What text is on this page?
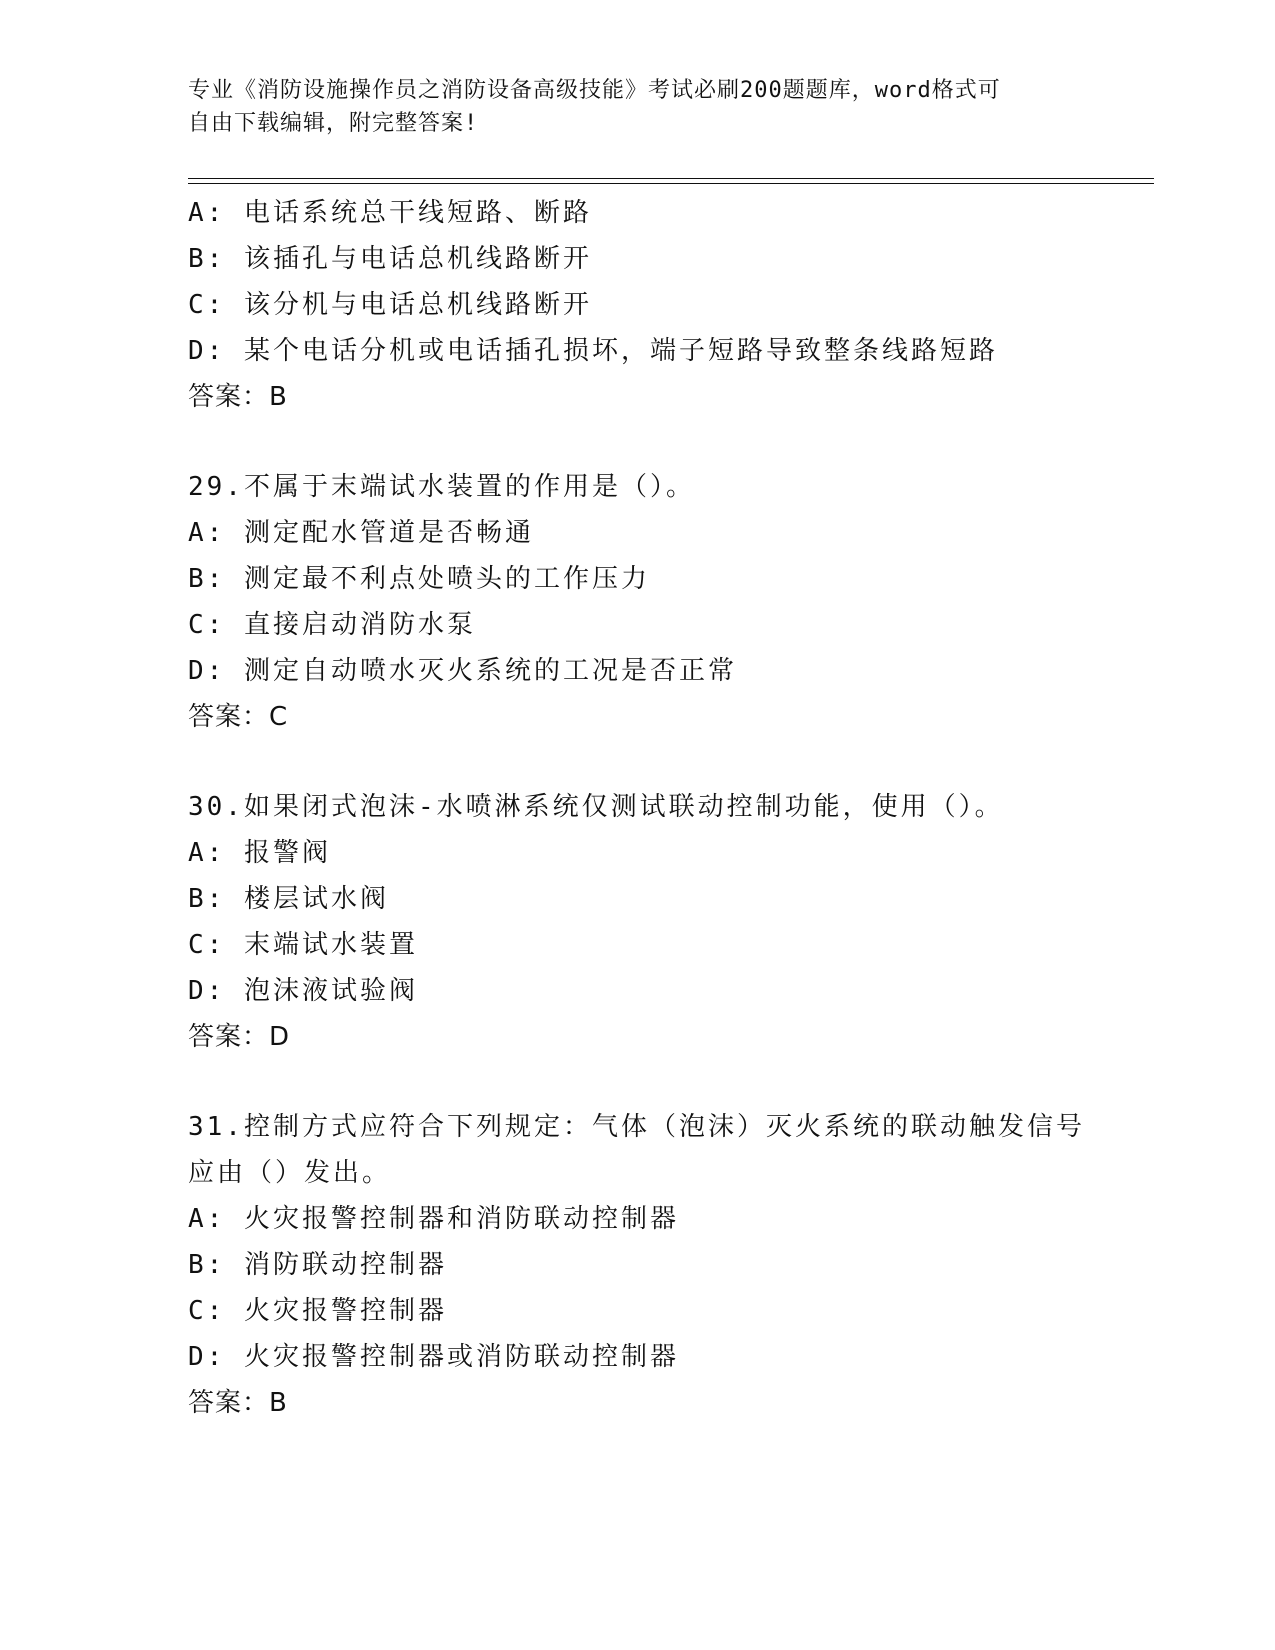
专业《消防设施操作员之消防设备高级技能》考试必刷200题题库，word格式可

自由下载编辑，附完整答案!

A: 电话系统总干线短路、断路
B: 该插孔与电话总机线路断开
C: 该分机与电话总机线路断开
D: 某个电话分机或电话插孔损坏，端子短路导致整条线路短路
答案：B
29.不属于末端试水装置的作用是（）。
A: 测定配水管道是否畅通
B: 测定最不利点处喷头的工作压力
C: 直接启动消防水泵
D: 测定自动喷水灭火系统的工况是否正常
答案：C
30.如果闭式泡沫-水喷淋系统仅测试联动控制功能，使用（）。
A: 报警阀
B: 楼层试水阀
C: 末端试水装置
D: 泡沫液试验阀
答案：D
31.控制方式应符合下列规定：气体（泡沫）灭火系统的联动触发信号
应由（）发出。
A: 火灾报警控制器和消防联动控制器
B: 消防联动控制器
C: 火灾报警控制器
D: 火灾报警控制器或消防联动控制器
答案：B
